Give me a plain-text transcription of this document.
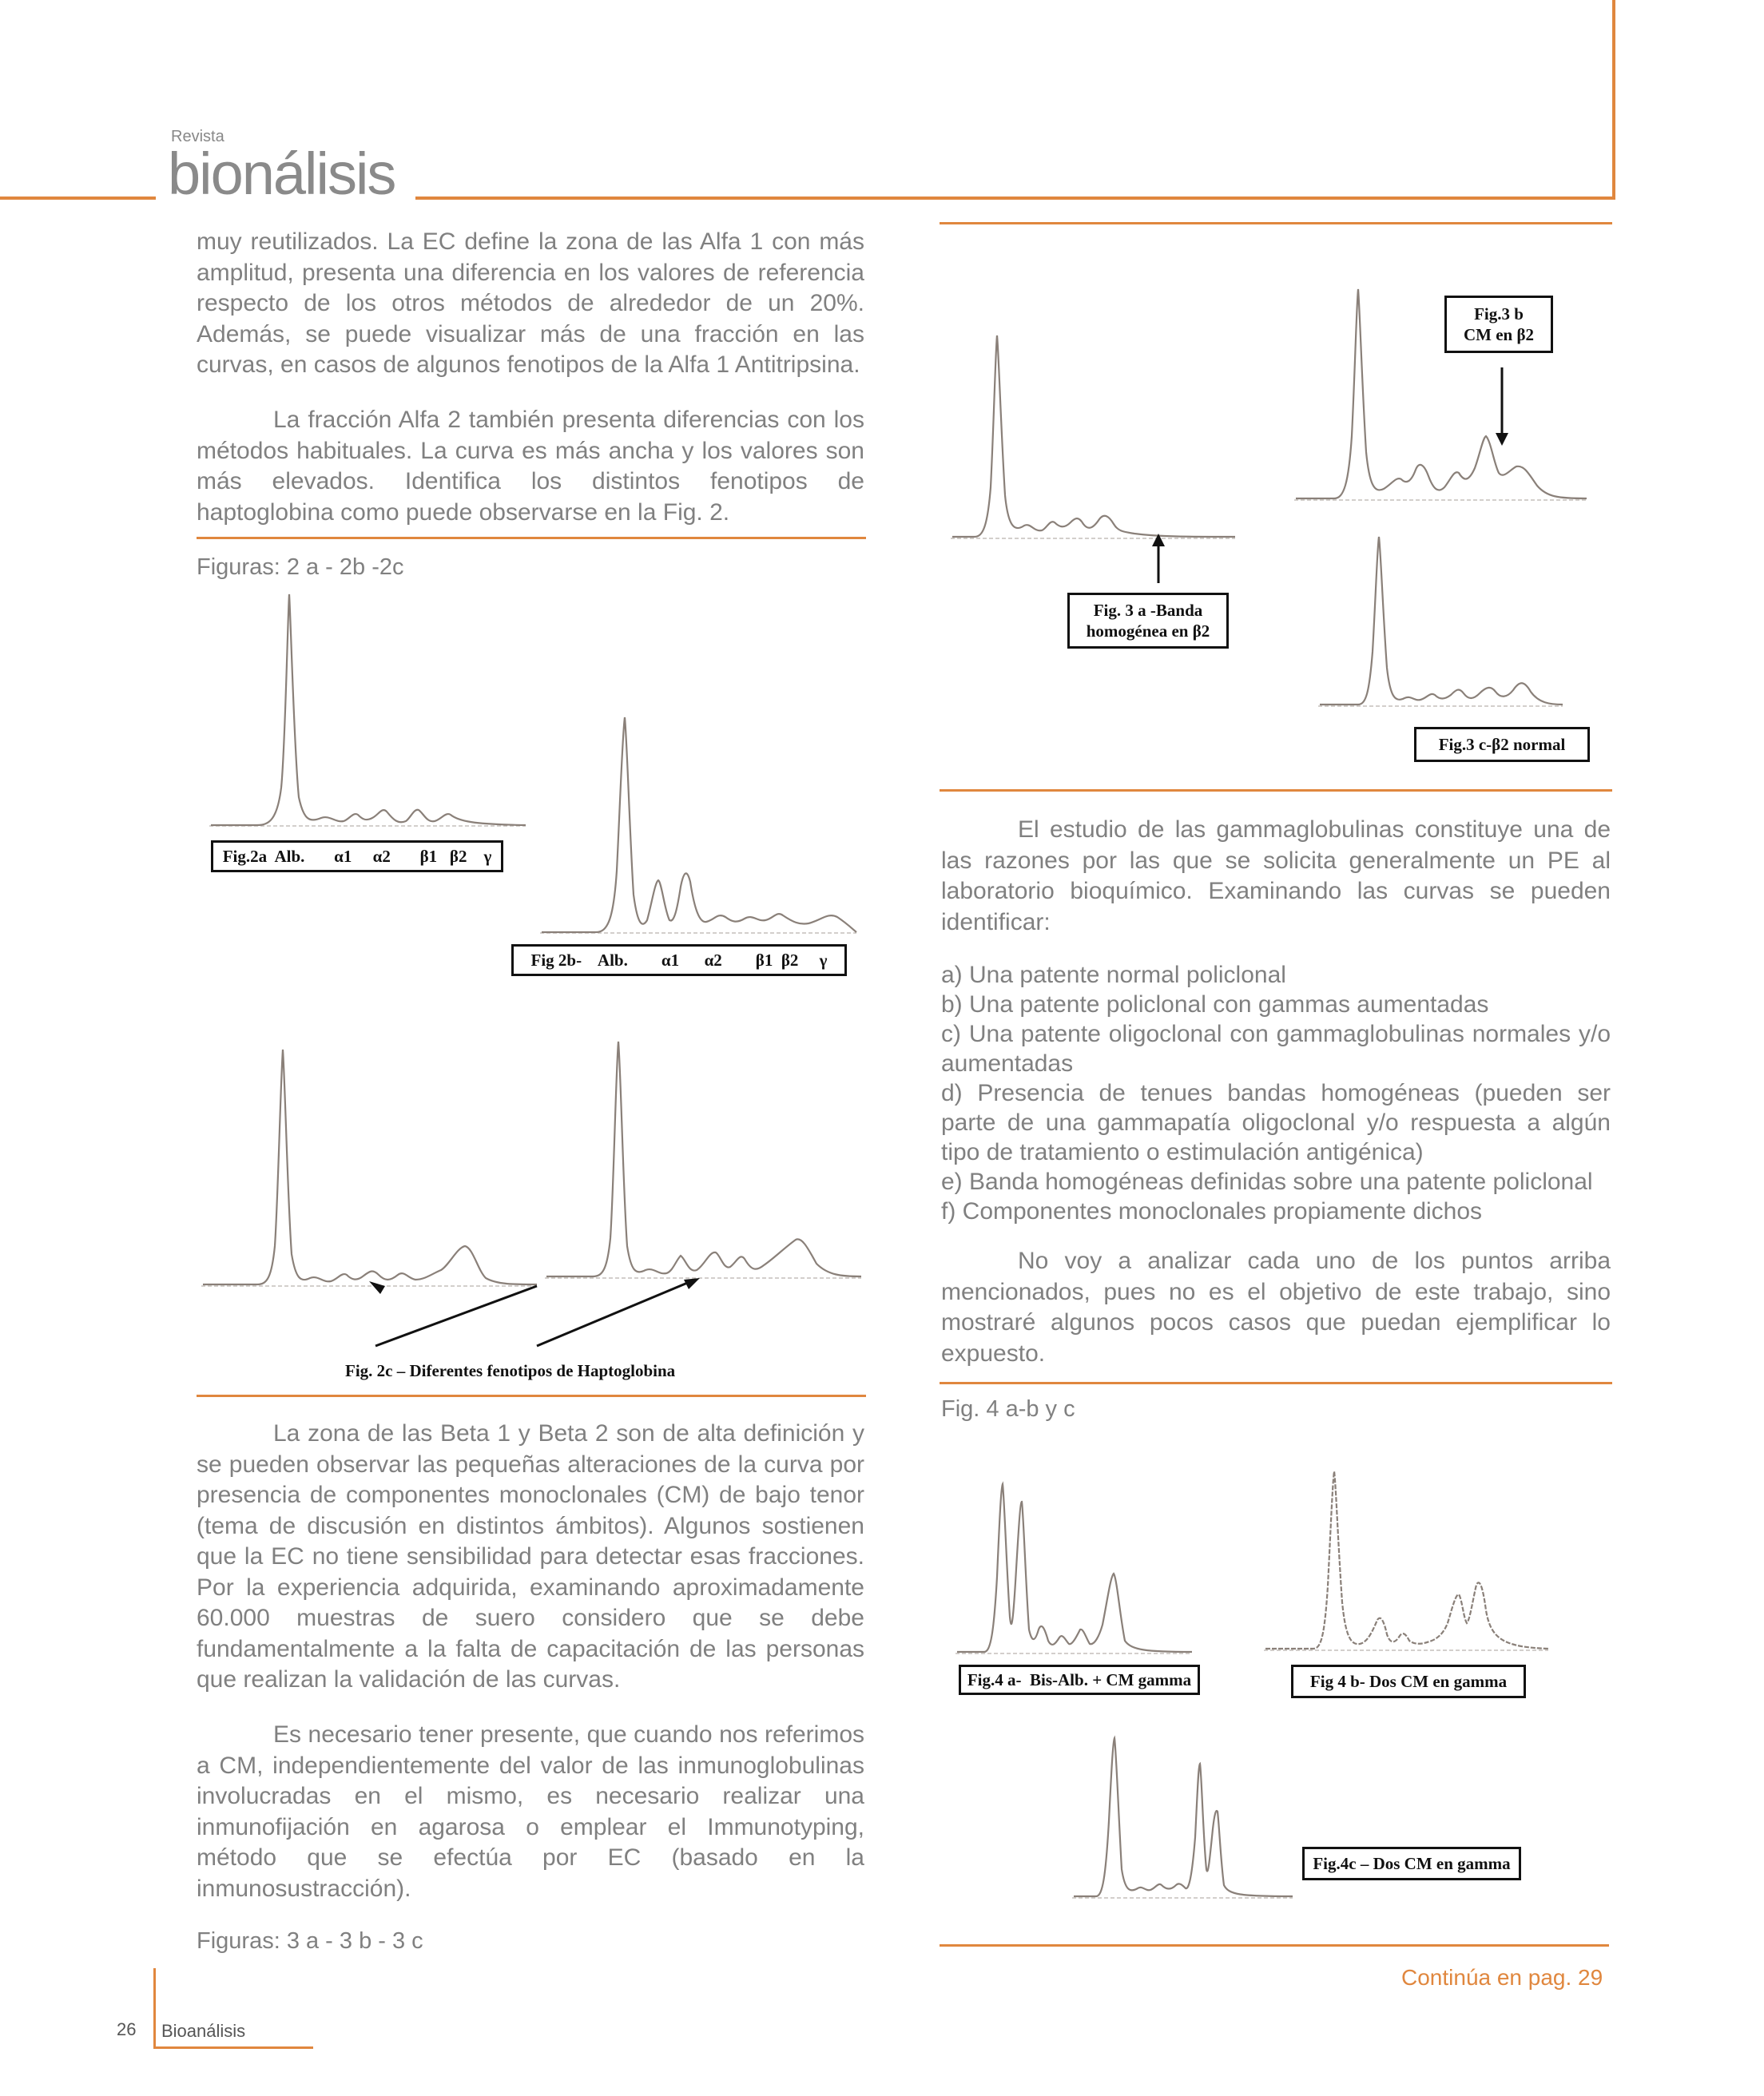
Revista
bionálisis

muy reutilizados. La EC define la zona de las Alfa 1 con más amplitud, presenta una diferencia en los valores de referencia respecto de los otros métodos de alrededor de un 20%. Además, se puede visualizar más de una fracción en las curvas, en casos de algunos fenotipos de la Alfa 1 Antitripsina.

La fracción Alfa 2 también presenta diferencias con los métodos habituales. La curva es más ancha y los valores son más elevados. Identifica los distintos fenotipos de haptoglobina como puede observarse en la Fig. 2.

Figuras: 2 a - 2b -2c
Fig.2a  Alb.       α1     α2       β1   β2    γ
Fig 2b-    Alb.        α1      α2        β1  β2     γ
Fig. 2c – Diferentes fenotipos de Haptoglobina

La zona de las Beta 1 y Beta 2 son de alta definición y se pueden observar las pequeñas alteraciones de la curva por presencia de componentes monoclonales (CM) de bajo tenor (tema de discusión en distintos ámbitos). Algunos sostienen que la EC no tiene sensibilidad para detectar esas fracciones. Por la experiencia adquirida, examinando aproximadamente 60.000 muestras de suero considero que se debe fundamentalmente a la falta de capacitación de las personas que realizan la validación de las curvas.

Es necesario tener presente, que cuando nos referimos a CM, independientemente del valor de las inmunoglobulinas involucradas en el mismo, es necesario realizar una inmunofijación en agarosa o emplear el Immunotyping, método que se efectúa por EC (basado en la inmunosustracción).

Figuras: 3 a - 3 b - 3 c
Fig. 3 a -Banda
homogénea en β2
Fig.3 b
CM en β2
Fig.3 c-β2 normal

El estudio de las gammaglobulinas constituye una de las razones por las que se solicita generalmente un PE al laboratorio bioquímico. Examinando las curvas se pueden identificar:

a) Una patente normal policlonal
b) Una patente policlonal con gammas aumentadas
c) Una patente oligoclonal con gammaglobulinas normales y/o aumentadas
d) Presencia de tenues bandas homogéneas (pueden ser parte de una gammapatía oligoclonal y/o respuesta a algún tipo de tratamiento o estimulación antigénica)
e) Banda homogéneas definidas sobre una patente policlonal
f) Componentes monoclonales propiamente dichos

No voy a analizar cada uno de los puntos arriba mencionados, pues no es el objetivo de este trabajo, sino mostraré algunos pocos casos que puedan ejemplificar lo expuesto.

Fig. 4 a-b y c
Fig.4 a-  Bis-Alb. + CM gamma	Fig 4 b- Dos CM en gamma
Fig.4c – Dos CM en gamma
Continúa en pag. 29
26 Bioanálisis
